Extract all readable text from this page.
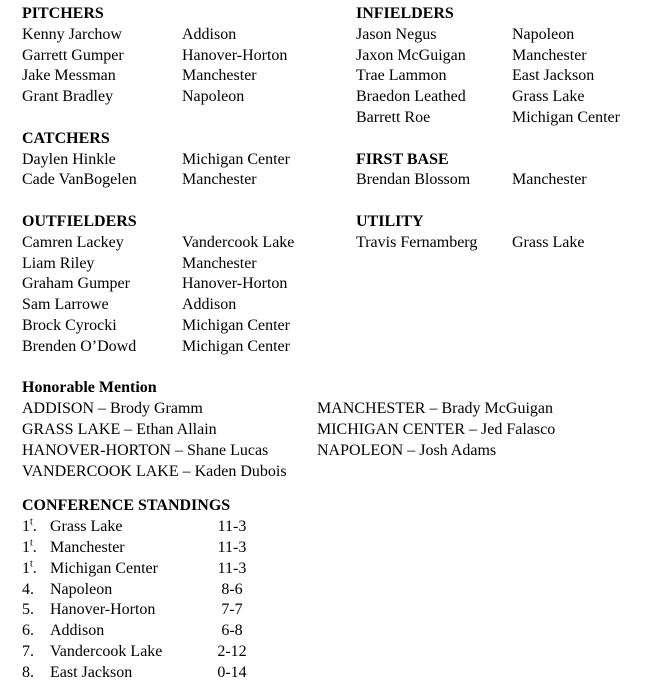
PITCHERS
Kenny Jarchow	Addison
Garrett Gumper	Hanover-Horton
Jake Messman	Manchester
Grant Bradley	Napoleon
CATCHERS
Daylen Hinkle	Michigan Center
Cade VanBogelen	Manchester
OUTFIELDERS
Camren Lackey	Vandercook Lake
Liam Riley	Manchester
Graham Gumper	Hanover-Horton
Sam Larrowe	Addison
Brock Cyrocki	Michigan Center
Brenden O’Dowd	Michigan Center
INFIELDERS
Jason Negus	Napoleon
Jaxon McGuigan	Manchester
Trae Lammon	East Jackson
Braedon Leathed	Grass Lake
Barrett Roe	Michigan Center
FIRST BASE
Brendan Blossom	Manchester
UTILITY
Travis Fernamberg	Grass Lake
Honorable Mention
ADDISON – Brody Gramm	MANCHESTER – Brady McGuigan
GRASS LAKE – Ethan Allain	MICHIGAN CENTER – Jed Falasco
HANOVER-HORTON – Shane Lucas	NAPOLEON – Josh Adams
VANDERCOOK LAKE – Kaden Dubois
CONFERENCE STANDINGS
1$^t$. Grass Lake	11-3
1$^t$. Manchester	11-3
1$^t$. Michigan Center	11-3
4.	Napoleon	8-6
5.	Hanover-Horton	7-7
6.	Addison	6-8
7.	Vandercook Lake	2-12
8.	East Jackson	0-14
